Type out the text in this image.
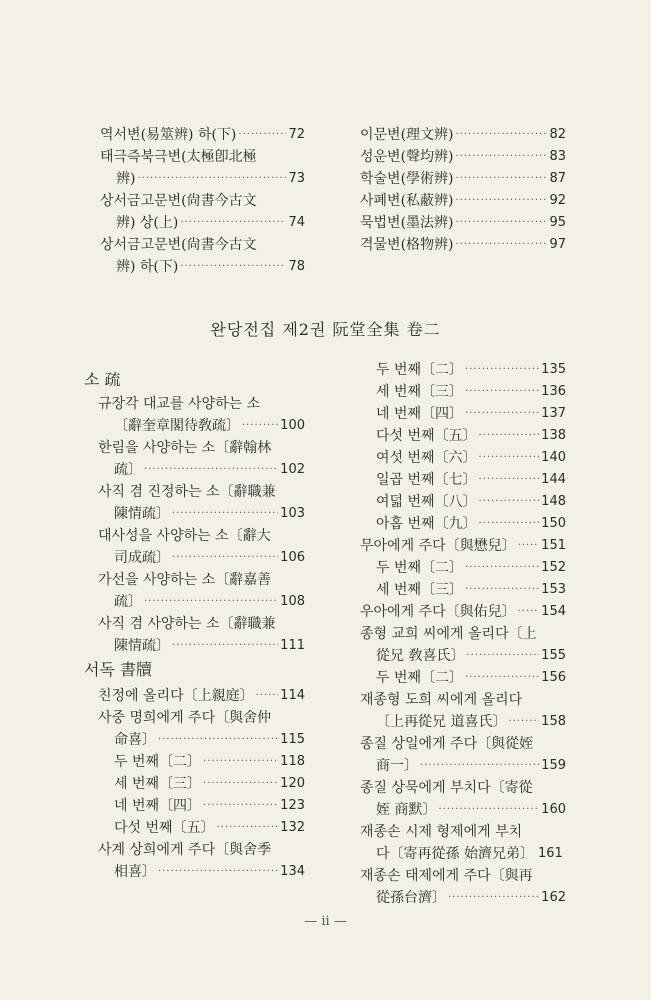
역서변(易筮辨) 하(下) ·····	72
태극즉북극변(太極卽北極
辨) ·····	73
상서금고문변(尙書今古文
辨) 상(上) ·····	74
상서금고문변(尙書今古文
辨) 하(下) ·····	78
이문변(理文辨) ·····	82
성운변(聲均辨) ·····	83
학술변(學術辨) ·····	87
사폐변(私蔽辨) ·····	92
묵법변(墨法辨) ·····	95
격물변(格物辨) ·····	97
완당전집 제2권 阮堂全集 卷二
소 疏
규장각 대교를 사양하는 소
〔辭奎章閣待敎疏〕 ·····	100
한림을 사양하는 소〔辭翰林
疏〕 ·····	102
사직 겸 진정하는 소〔辭職兼
陳情疏〕 ·····	103
대사성을 사양하는 소〔辭大
司成疏〕 ·····	106
가선을 사양하는 소〔辭嘉善
疏〕 ·····	108
사직 겸 사양하는 소〔辭職兼
陳情疏〕 ·····	111
서독 書牘
친정에 올리다〔上親庭〕 ····· 114
사중 명희에게 주다〔與舍仲
命喜〕 ·····	115
두 번째〔二〕 ·····	118
세 번째〔三〕 ·····	120
네 번째〔四〕 ·····	123
다섯 번째〔五〕 ·····	132
사계 상희에게 주다〔與舍季
相喜〕 ·····	134
두 번째〔二〕 ·····	135
세 번째〔三〕 ·····	136
네 번째〔四〕 ·····	137
다섯 번째〔五〕 ·····	138
여섯 번째〔六〕 ·····	140
일곱 번째〔七〕 ·····	144
여덟 번째〔八〕 ·····	148
아홉 번째〔九〕 ·····	150
무아에게 주다〔與懋兒〕 ····· 151
두 번째〔二〕 ·····	152
세 번째〔三〕 ·····	153
우아에게 주다〔與佑兒〕 ····· 154
종형 교희 씨에게 올리다〔上
從兄 敎喜氏〕 ·····	155
두 번째〔二〕 ·····	156
재종형 도희 씨에게 올리다
〔上再從兄 道喜氏〕 ·····	158
종질 상일에게 주다〔與從姪
商一〕 ·····	159
종질 상묵에게 부치다〔寄從
姪 商默〕 ·····	160
재종손 시제 형제에게 부치
다〔寄再從孫 始濟兄弟〕 161
재종손 태제에게 주다〔與再
從孫台濟〕 ·····	162
— ii —
